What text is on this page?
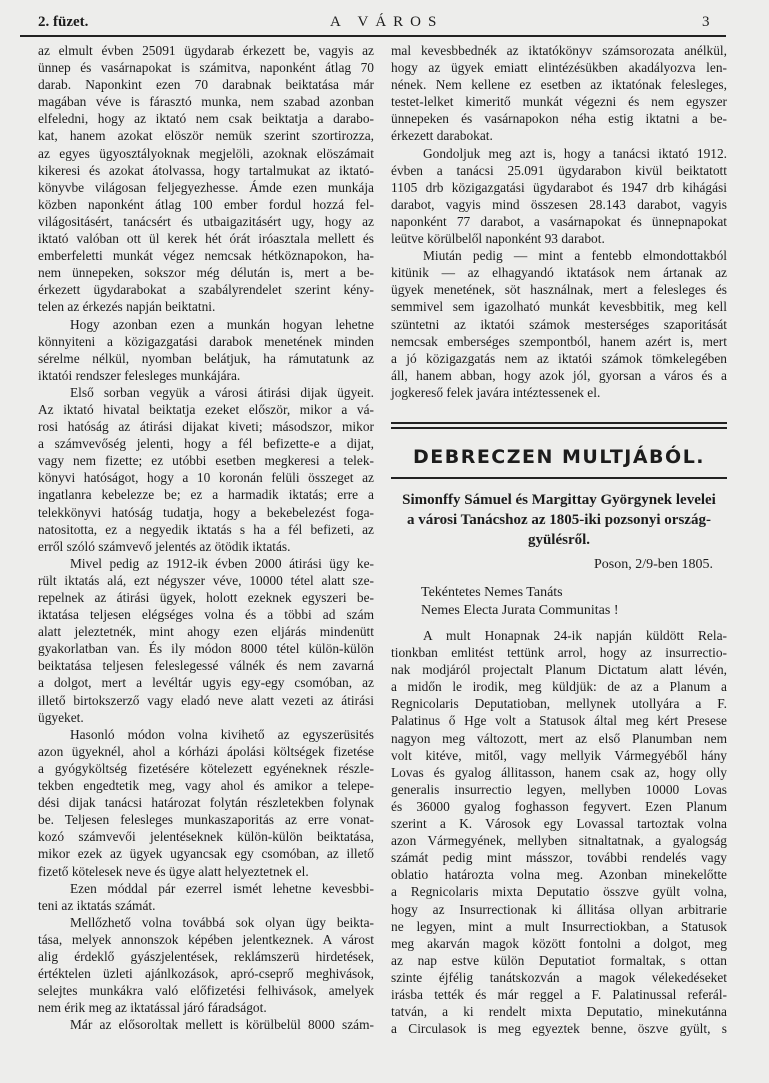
2. füzet.	A VÁROS	3
az elmult évben 25091 ügydarab érkezett be, vagyis az
ünnep és vasárnapokat is számitva, naponként átlag 70
darab. Naponkint ezen 70 darabnak beiktatása már
magában véve is fárasztó munka, nem szabad azonban
elfeledni, hogy az iktató nem csak beiktatja a darabo-
kat, hanem azokat elöször nemük szerint szortirozza,
az egyes ügyosztályoknak megjelöli, azoknak elöszámait
kikeresi és azokat átolvassa, hogy tartalmukat az iktató-
könyvbe világosan feljegyezhesse. Ámde ezen munkája
közben naponként átlag 100 ember fordul hozzá fel-
világositásért, tanácsért és utbaigazitásért ugy, hogy az
iktató valóban ott ül kerek hét órát iróasztala mellett és
emberfeletti munkát végez nemcsak hétköznapokon, ha-
nem ünnepeken, sokszor még délután is, mert a be-
érkezett ügydarabokat a szabályrendelet szerint kény-
telen az érkezés napján beiktatni.
Hogy azonban ezen a munkán hogyan lehetne
könnyiteni a közigazgatási darabok menetének minden
sérelme nélkül, nyomban belátjuk, ha rámutatunk az
iktatói rendszer felesleges munkájára.
Első sorban vegyük a városi átirási dijak ügyeit.
Az iktató hivatal beiktatja ezeket először, mikor a vá-
rosi hatóság az átirási dijakat kiveti; másodszor, mikor
a számvevőség jelenti, hogy a fél befizette-e a dijat,
vagy nem fizette; ez utóbbi esetben megkeresi a telek-
könyvi hatóságot, hogy a 10 koronán felüli összeget az
ingatlanra kebelezze be; ez a harmadik iktatás; erre a
telekkönyvi hatóság tudatja, hogy a bekebelezést foga-
natositotta, ez a negyedik iktatás s ha a fél befizeti, az
erről szóló számvevő jelentés az ötödik iktatás.
Mivel pedig az 1912-ik évben 2000 átirási ügy ke-
rült iktatás alá, ezt négyszer véve, 10000 tétel alatt sze-
repelnek az átirási ügyek, holott ezeknek egyszeri be-
iktatása teljesen elégséges volna és a többi ad szám
alatt jeleztetnék, mint ahogy ezen eljárás mindenütt
gyakorlatban van. És ily módon 8000 tétel külön-külön
beiktatása teljesen feleslegessé válnék és nem zavarná
a dolgot, mert a levéltár ugyis egy-egy csomóban, az
illető birtokszerző vagy eladó neve alatt vezeti az átirási
ügyeket.
Hasonló módon volna kivihető az egyszerüsités
azon ügyeknél, ahol a kórházi ápolási költségek fizetése
a gyógyköltség fizetésére kötelezett egyéneknek részle-
tekben engedtetik meg, vagy ahol és amikor a telepe-
dési dijak tanácsi határozat folytán részletekben folynak
be. Teljesen felesleges munkaszaporitás az erre vonat-
kozó számvevői jelentéseknek külön-külön beiktatása,
mikor ezek az ügyek ugyancsak egy csomóban, az illető
fizető kötelesek neve és ügye alatt helyeztetnek el.
Ezen móddal pár ezerrel ismét lehetne kevesbbi-
teni az iktatás számát.
Mellőzhető volna továbbá sok olyan ügy beikta-
tása, melyek annonszok képében jelentkeznek. A várost
alig érdeklő gyászjelentések, reklámszerü hirdetések,
értéktelen üzleti ajánlkozások, apró-cseprő meghivások,
selejtes munkákra való előfizetési felhivások, amelyek
nem érik meg az iktatással járó fáradságot.
Már az elősoroltak mellett is körülbelül 8000 szám-
mal kevesbbednék az iktatókönyv számsorozata anélkül,
hogy az ügyek emiatt elintézésükben akadályozva len-
nének. Nem kellene ez esetben az iktatónak felesleges,
testet-lelket kimeritő munkát végezni és nem egyszer
ünnepeken és vasárnapokon néha estig iktatni a be-
érkezett darabokat.
Gondoljuk meg azt is, hogy a tanácsi iktató 1912.
évben a tanácsi 25.091 ügydarabon kivül beiktatott
1105 drb közigazgatási ügydarabot és 1947 drb kihágási
darabot, vagyis mind összesen 28.143 darabot, vagyis
naponként 77 darabot, a vasárnapokat és ünnepnapokat
leütve körülbelől naponként 93 darabot.
Miután pedig — mint a fentebb elmondottakból
kitünik — az elhagyandó iktatások nem ártanak az
ügyek menetének, söt használnak, mert a felesleges és
semmivel sem igazolható munkát kevesbbitik, meg kell
szüntetni az iktatói számok mesterséges szaporitását
nemcsak emberséges szempontból, hanem azért is, mert
a jó közigazgatás nem az iktatói számok tömkelegében
áll, hanem abban, hogy azok jól, gyorsan a város és a
jogkereső felek javára intéztessenek el.
DEBRECZEN MULTJÁBÓL.
Simonffy Sámuel és Margittay Györgynek levelei
a városi Tanácshoz az 1805-iki pozsonyi ország-
gyülésről.
Poson, 2/9-ben 1805.
Tekéntetes Nemes Tanáts
Nemes Electa Jurata Communitas !
A mult Honapnak 24-ik napján küldött Rela-
tionkban emlitést tettünk arrol, hogy az insurrectio-
nak modjáról projectalt Planum Dictatum alatt lévén,
a midőn le irodik, meg küldjük: de az a Planum a
Regnicolaris Deputatioban, mellynek utollyára a F.
Palatinus ő Hge volt a Statusok által meg kért Presese
nagyon meg változott, mert az első Planumban nem
volt kitéve, mitől, vagy mellyik Vármegyéből hány
Lovas és gyalog állitasson, hanem csak az, hogy olly
generalis insurrectio legyen, mellyben 10000 Lovas
és 36000 gyalog foghasson fegyvert. Ezen Planum
szerint a K. Városok egy Lovassal tartoztak volna
azon Vármegyének, mellyben sitnaltatnak, a gyalogság
számát pedig mint másszor, további rendelés vagy
oblatio határozta volna meg. Azonban minekelőtte
a Regnicolaris mixta Deputatio összve gyült volna,
hogy az Insurrectionak ki állitása ollyan arbitrarie
ne legyen, mint a mult Insurrectiokban, a Statusok
meg akarván magok között fontolni a dolgot, meg
az nap estve külön Deputatiot formaltak, s ottan
szinte éjfélig tanátskozván a magok vélekedéseket
irásba tették és már reggel a F. Palatinussal referál-
tatván, a ki rendelt mixta Deputatio, minekutánna
a Circulasok is meg egyeztek benne, öszve gyült, s
